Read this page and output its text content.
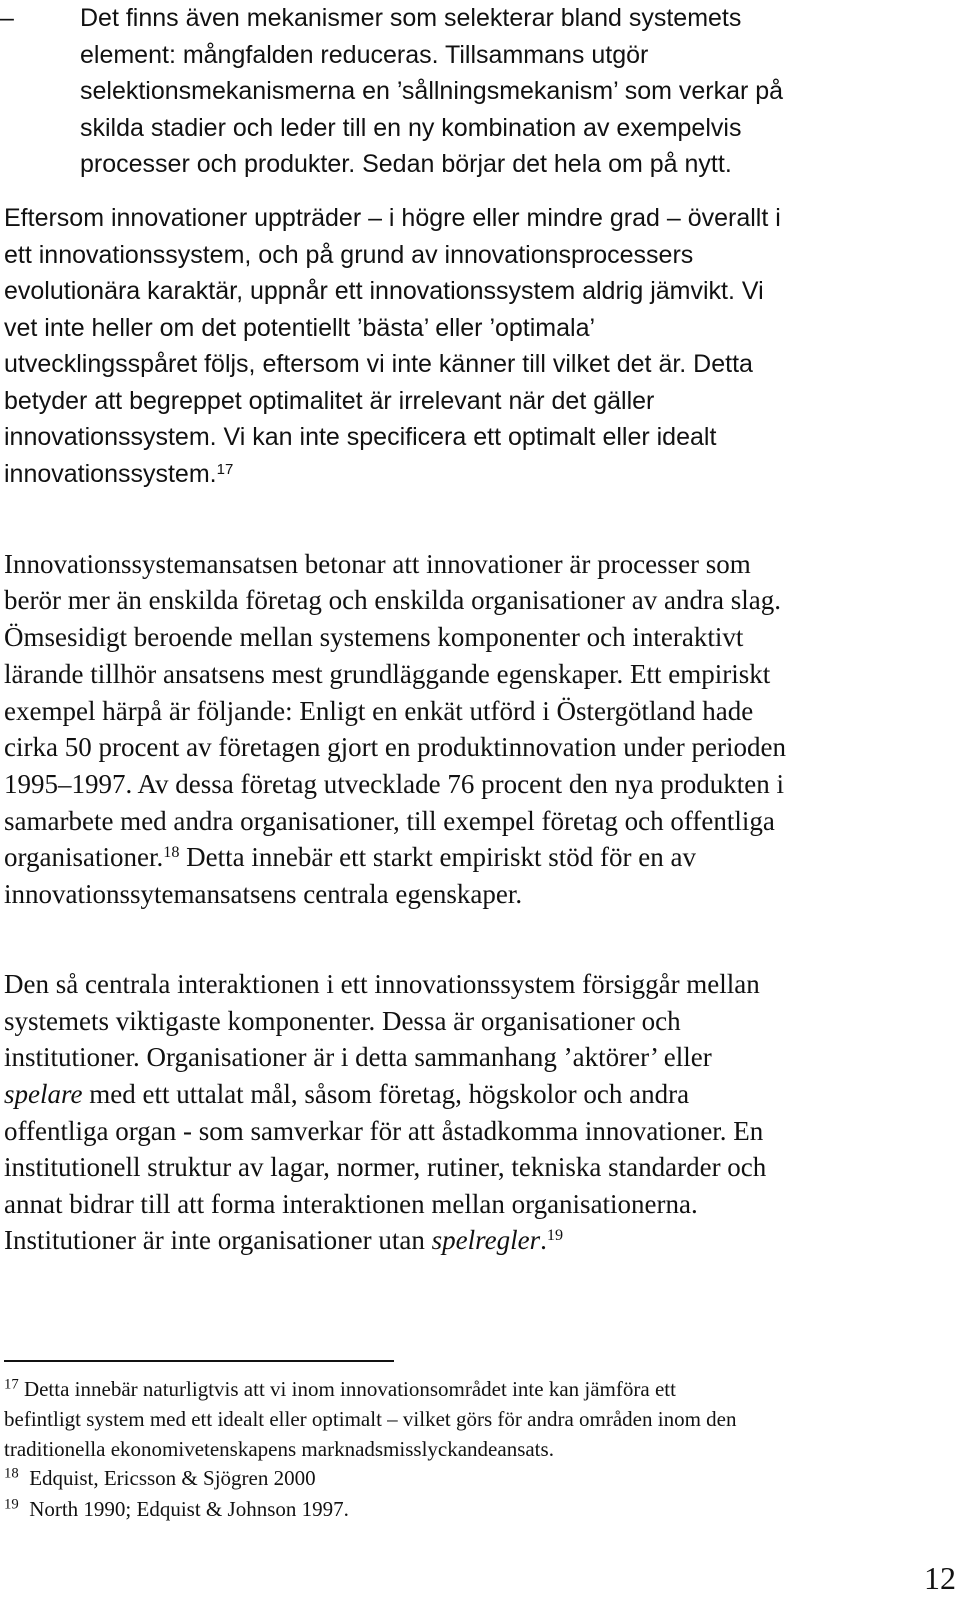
–	Det finns även mekanismer som selekterar bland systemets
element: mångfalden reduceras. Tillsammans utgör
selektionsmekanismerna en ’sållningsmekanism’ som verkar på
skilda stadier och leder till en ny kombination av exempelvis
processer och produkter. Sedan börjar det hela om på nytt.
Eftersom innovationer uppträder – i högre eller mindre grad – överallt i
ett innovationssystem, och på grund av innovationsprocessers
evolutionära karaktär, uppnår ett innovationssystem aldrig jämvikt. Vi
vet inte heller om det potentiellt ’bästa’ eller ’optimala’
utvecklingsspåret följs, eftersom vi inte känner till vilket det är. Detta
betyder att begreppet optimalitet är irrelevant när det gäller
innovationssystem. Vi kan inte specificera ett optimalt eller idealt
innovationssystem.$^{17}$
Innovationssystemansatsen betonar att innovationer är processer som
berör mer än enskilda företag och enskilda organisationer av andra slag.
Ömsesidigt beroende mellan systemens komponenter och interaktivt
lärande tillhör ansatsens mest grundläggande egenskaper. Ett empiriskt
exempel härpå är följande: Enligt en enkät utförd i Östergötland hade
cirka 50 procent av företagen gjort en produktinnovation under perioden
1995–1997. Av dessa företag utvecklade 76 procent den nya produkten i
samarbete med andra organisationer, till exempel företag och offentliga
organisationer.$^{18}$ Detta innebär ett starkt empiriskt stöd för en av
innovationssytemansatsens centrala egenskaper.
Den så centrala interaktionen i ett innovationssystem försiggår mellan
systemets viktigaste komponenter. Dessa är organisationer och
institutioner. Organisationer är i detta sammanhang ’aktörer’ eller
spelare med ett uttalat mål, såsom företag, högskolor och andra
offentliga organ - som samverkar för att åstadkomma innovationer. En
institutionell struktur av lagar, normer, rutiner, tekniska standarder och
annat bidrar till att forma interaktionen mellan organisationerna.
Institutioner är inte organisationer utan spelregler.$^{19}$
$^{17}$ Detta innebär naturligtvis att vi inom innovationsområdet inte kan jämföra ett
befintligt system med ett idealt eller optimalt – vilket görs för andra områden inom den
traditionella ekonomivetenskapens marknadsmisslyckandeansats.
$^{18}$  Edquist, Ericsson & Sjögren 2000
$^{19}$  North 1990; Edquist & Johnson 1997.
12
